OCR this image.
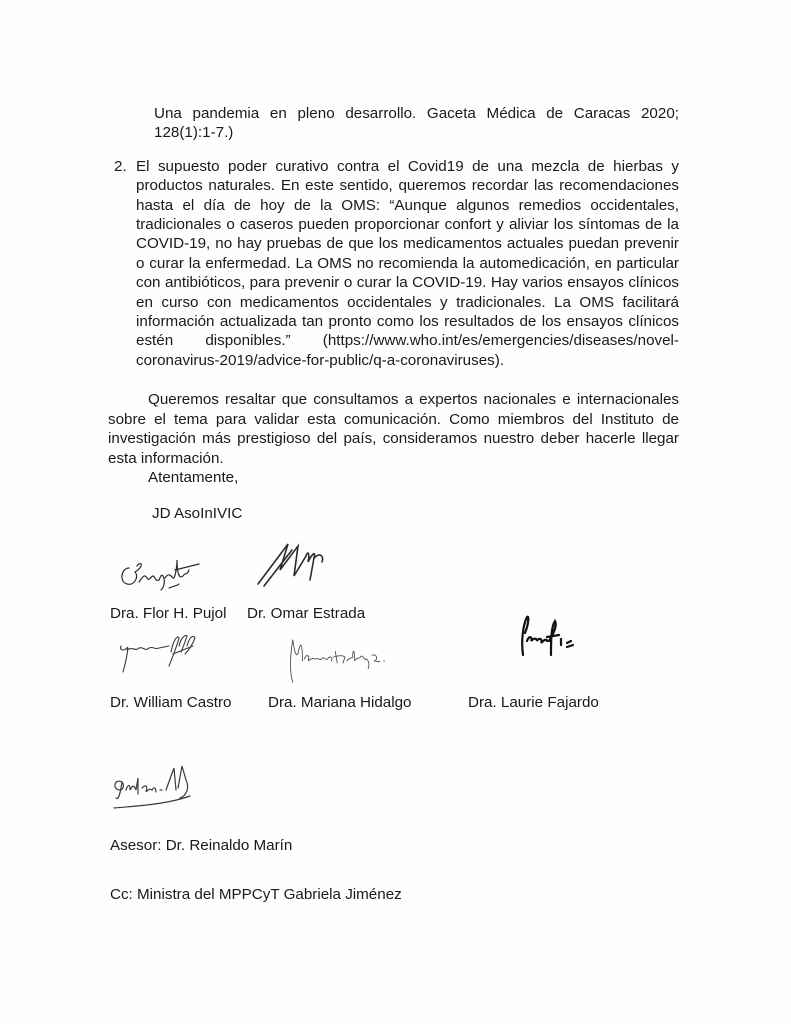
Una pandemia en pleno desarrollo. Gaceta Médica de Caracas 2020;
128(1):1-7.)
2. El supuesto poder curativo contra el Covid19 de una mezcla de hierbas y
productos naturales. En este sentido, queremos recordar las recomendaciones
hasta el día de hoy de la OMS: “Aunque algunos remedios occidentales,
tradicionales o caseros pueden proporcionar confort y aliviar los síntomas de la
COVID-19, no hay pruebas de que los medicamentos actuales puedan prevenir
o curar la enfermedad. La OMS no recomienda la automedicación, en particular
con antibióticos, para prevenir o curar la COVID-19. Hay varios ensayos clínicos
en curso con medicamentos occidentales y tradicionales. La OMS facilitará
información actualizada tan pronto como los resultados de los ensayos clínicos
estén disponibles.” (https://www.who.int/es/emergencies/diseases/novel-
coronavirus-2019/advice-for-public/q-a-coronaviruses).
Queremos resaltar que consultamos a expertos nacionales e internacionales
sobre el tema para validar esta comunicación. Como miembros del Instituto de
investigación más prestigioso del país, consideramos nuestro deber hacerle llegar
esta información.
Atentamente,
JD AsoInIVIC
Dra. Flor H. Pujol Dr. Omar Estrada
Dr. William Castro Dra. Mariana Hidalgo	Dra. Laurie Fajardo
Asesor: Dr. Reinaldo Marín
Cc: Ministra del MPPCyT Gabriela Jiménez
